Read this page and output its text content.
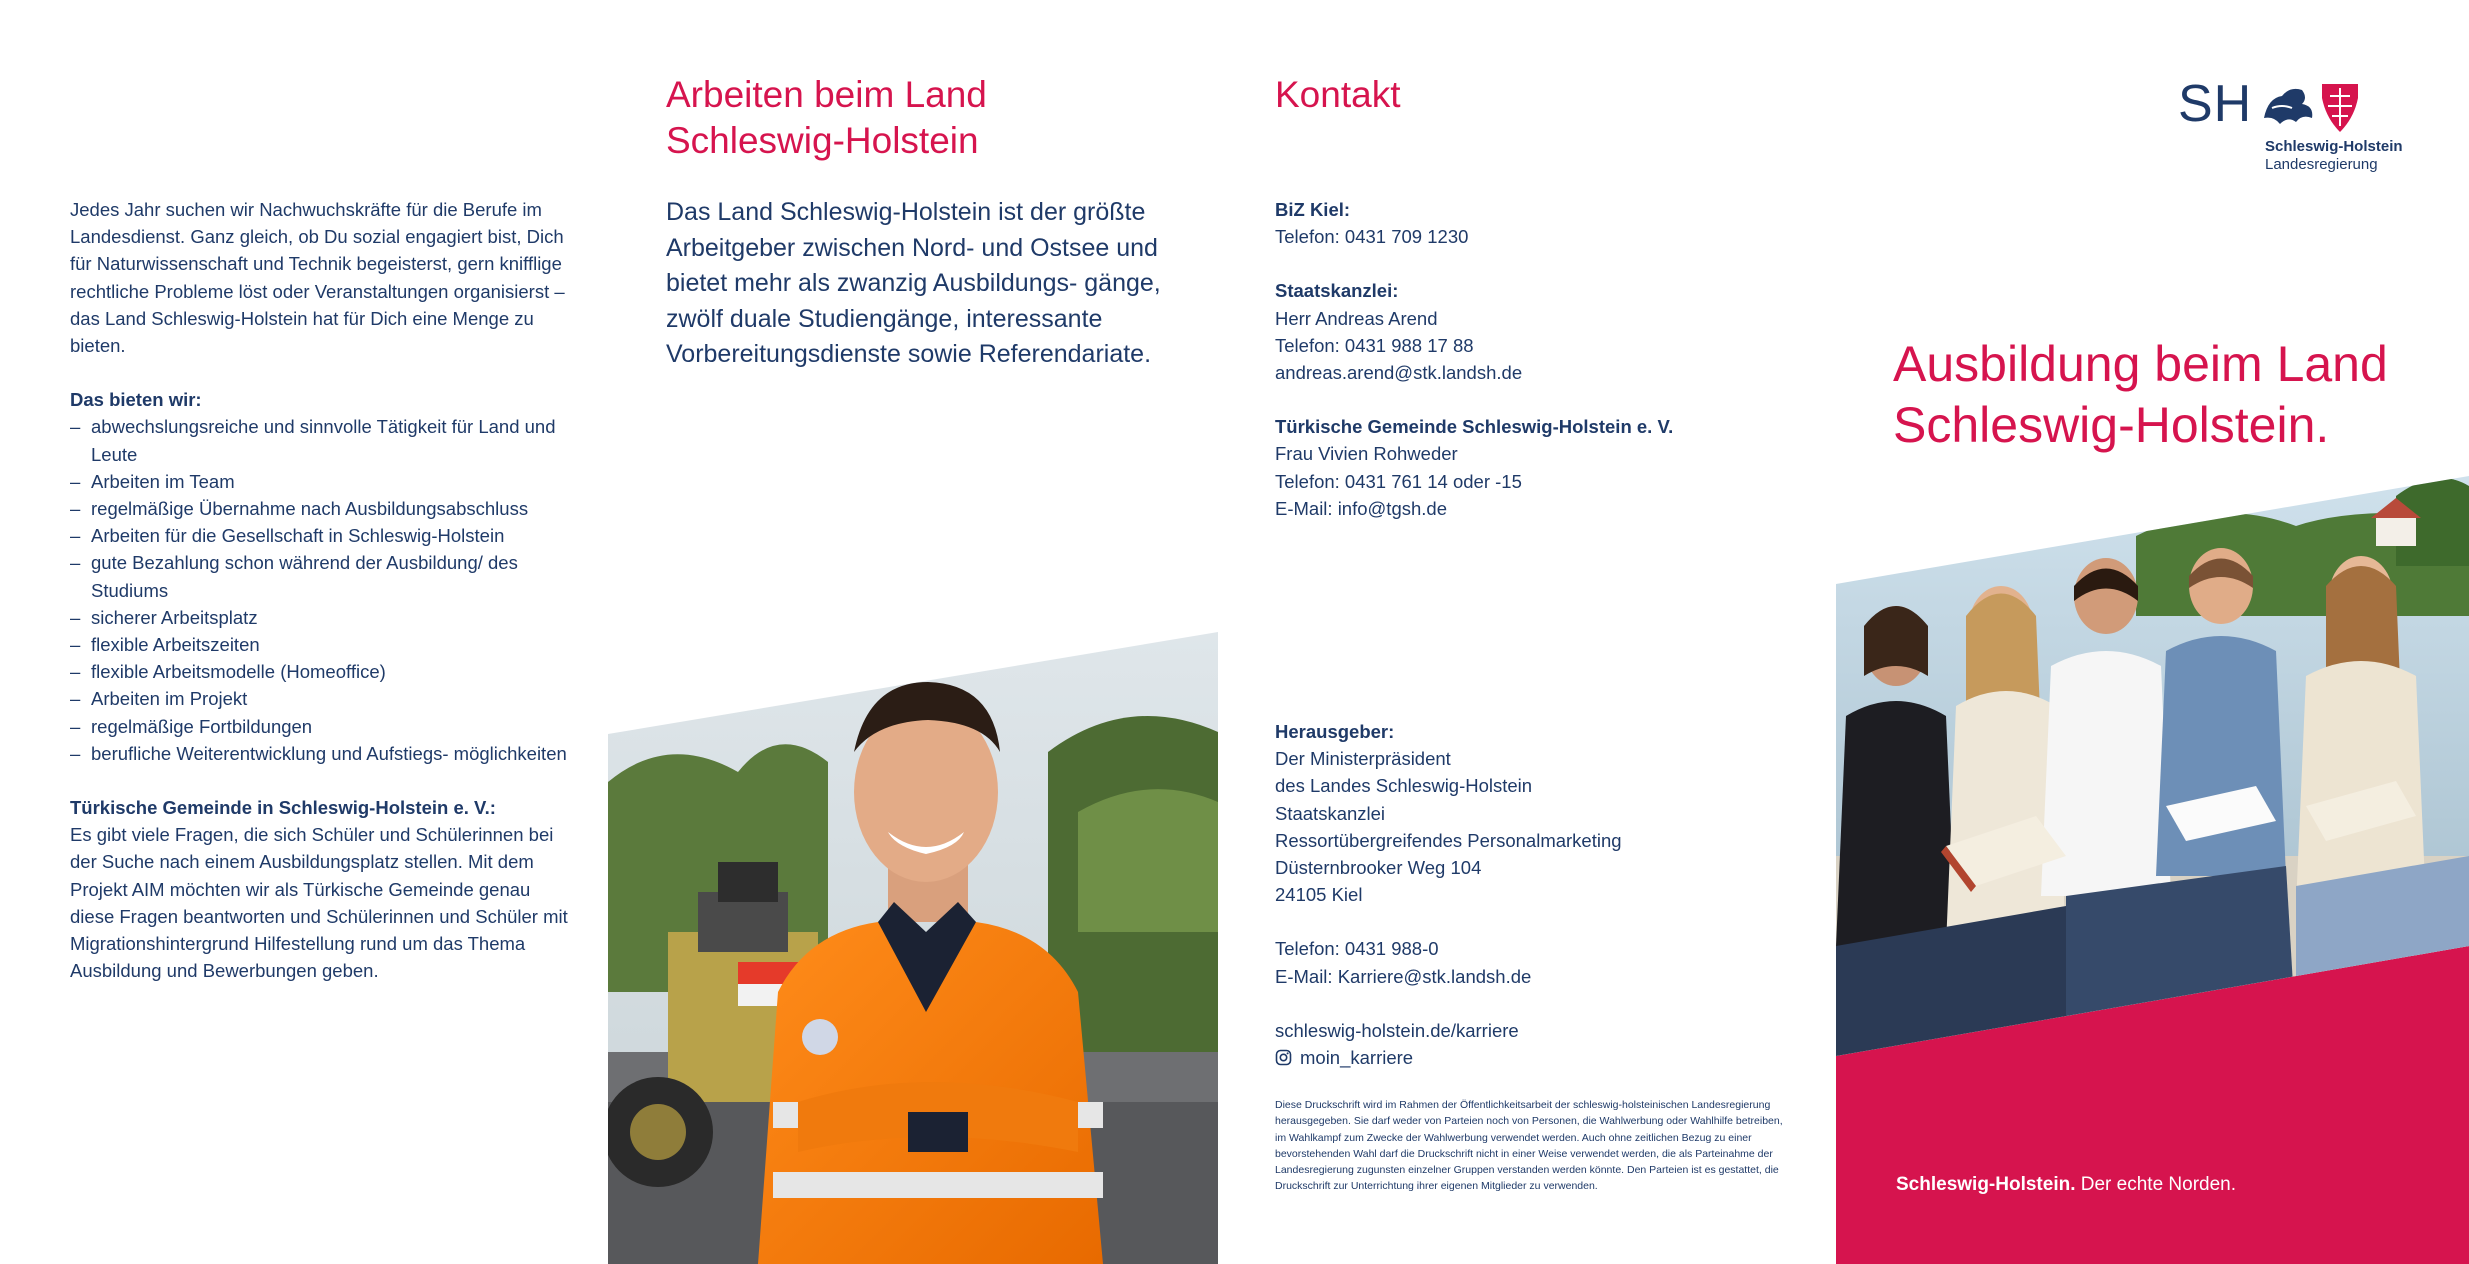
Jedes Jahr suchen wir Nachwuchskräfte für die Berufe im Landesdienst. Ganz gleich, ob Du sozial engagiert bist, Dich für Naturwissenschaft und Technik begeisterst, gern knifflige rechtliche Probleme löst oder Veranstaltungen organisierst – das Land Schleswig-Holstein hat für Dich eine Menge zu bieten.

Das bieten wir:

– abwechslungsreiche und sinnvolle Tätigkeit für Land und Leute
– Arbeiten im Team
– regelmäßige Übernahme nach Ausbildungsabschluss
– Arbeiten für die Gesellschaft in Schleswig-Holstein
– gute Bezahlung schon während der Ausbildung/ des Studiums
– sicherer Arbeitsplatz
– flexible Arbeitszeiten
– flexible Arbeitsmodelle (Homeoffice)
– Arbeiten im Projekt
– regelmäßige Fortbildungen
– berufliche Weiterentwicklung und Aufstiegs- möglichkeiten

Türkische Gemeinde in Schleswig-Holstein e. V.:

Es gibt viele Fragen, die sich Schüler und Schülerinnen bei der Suche nach einem Ausbildungsplatz stellen. Mit dem Projekt AIM möchten wir als Türkische Gemeinde genau diese Fragen beantworten und Schülerinnen und Schüler mit Migrationshintergrund Hilfestellung rund um das Thema Ausbildung und Bewerbungen geben.

Arbeiten beim Land
Schleswig-Holstein
Das Land Schleswig-Holstein ist der größte Arbeitgeber zwischen Nord- und Ostsee und bietet mehr als zwanzig Ausbildungs- gänge, zwölf duale Studiengänge, interessante Vorbereitungsdienste sowie Referendariate.
Kontakt
BiZ Kiel:
Telefon: 0431 709 1230
Staatskanzlei:
Herr Andreas Arend
Telefon: 0431 988 17 88
andreas.arend@stk.landsh.de
Türkische Gemeinde Schleswig-Holstein e. V.
Frau Vivien Rohweder
Telefon: 0431 761 14 oder -15
E-Mail: info@tgsh.de
Herausgeber:
Der Ministerpräsident
des Landes Schleswig-Holstein
Staatskanzlei
Ressortübergreifendes Personalmarketing
Düsternbrooker Weg 104
24105 Kiel
Telefon: 0431 988-0
E-Mail: Karriere@stk.landsh.de
schleswig-holstein.de/karriere
moin_karriere
Diese Druckschrift wird im Rahmen der Öffentlichkeitsarbeit der schleswig-holsteinischen Landesregierung herausgegeben. Sie darf weder von Parteien noch von Personen, die Wahlwerbung oder Wahlhilfe betreiben, im Wahlkampf zum Zwecke der Wahlwerbung verwendet werden. Auch ohne zeitlichen Bezug zu einer bevorstehenden Wahl darf die Druckschrift nicht in einer Weise verwendet werden, die als Parteinahme der Landesregierung zugunsten einzelner Gruppen verstanden werden könnte. Den Parteien ist es gestattet, die Druckschrift zur Unterrichtung ihrer eigenen Mitglieder zu verwenden.
SH
Schleswig-Holstein
Landesregierung
Ausbildung beim Land
Schleswig-Holstein.
Schleswig-Holstein. Der echte Norden.
